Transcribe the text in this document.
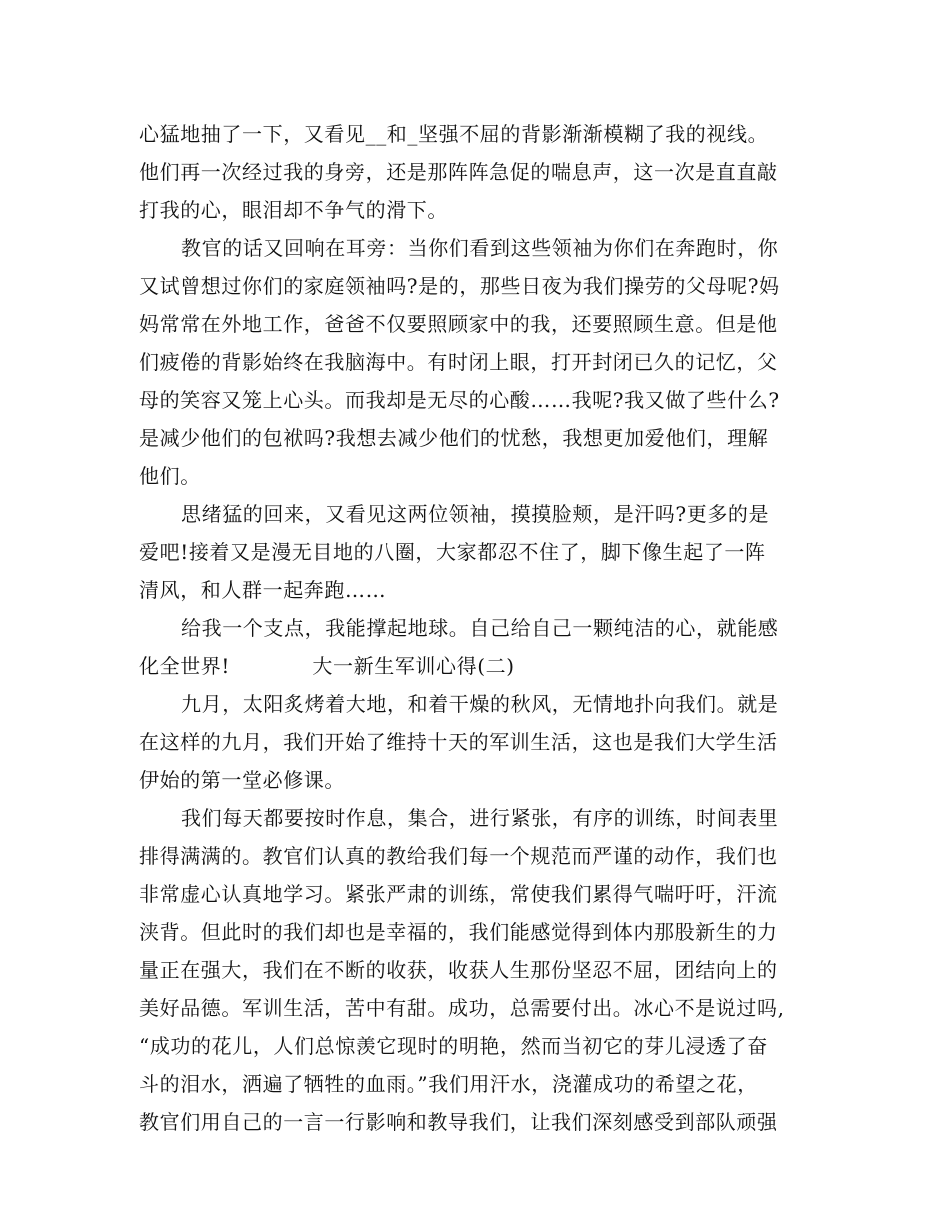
心猛地抽了一下，又看见__和_坚强不屈的背影渐渐模糊了我的视线。
他们再一次经过我的身旁，还是那阵阵急促的喘息声，这一次是直直敲
打我的心，眼泪却不争气的滑下。
教官的话又回响在耳旁：当你们看到这些领袖为你们在奔跑时，你
又试曾想过你们的家庭领袖吗?是的，那些日夜为我们操劳的父母呢?妈
妈常常在外地工作，爸爸不仅要照顾家中的我，还要照顾生意。但是他
们疲倦的背影始终在我脑海中。有时闭上眼，打开封闭已久的记忆，父
母的笑容又笼上心头。而我却是无尽的心酸……我呢?我又做了些什么?
是减少他们的包袱吗?我想去减少他们的忧愁，我想更加爱他们，理解
他们。
思绪猛的回来，又看见这两位领袖，摸摸脸颊，是汗吗?更多的是
爱吧!接着又是漫无目地的八圈，大家都忍不住了，脚下像生起了一阵
清风，和人群一起奔跑……
给我一个支点，我能撑起地球。自己给自己一颗纯洁的心，就能感
化全世界!　　　　大一新生军训心得(二)
九月，太阳炙烤着大地，和着干燥的秋风，无情地扑向我们。就是
在这样的九月，我们开始了维持十天的军训生活，这也是我们大学生活
伊始的第一堂必修课。
我们每天都要按时作息，集合，进行紧张，有序的训练，时间表里
排得满满的。教官们认真的教给我们每一个规范而严谨的动作，我们也
非常虚心认真地学习。紧张严肃的训练，常使我们累得气喘吁吁，汗流
浃背。但此时的我们却也是幸福的，我们能感觉得到体内那股新生的力
量正在强大，我们在不断的收获，收获人生那份坚忍不屈，团结向上的
美好品德。军训生活，苦中有甜。成功，总需要付出。冰心不是说过吗,
“成功的花儿，人们总惊羡它现时的明艳，然而当初它的芽儿浸透了奋
斗的泪水，洒遍了牺牲的血雨。”我们用汗水，浇灌成功的希望之花，
教官们用自己的一言一行影响和教导我们，让我们深刻感受到部队顽强
